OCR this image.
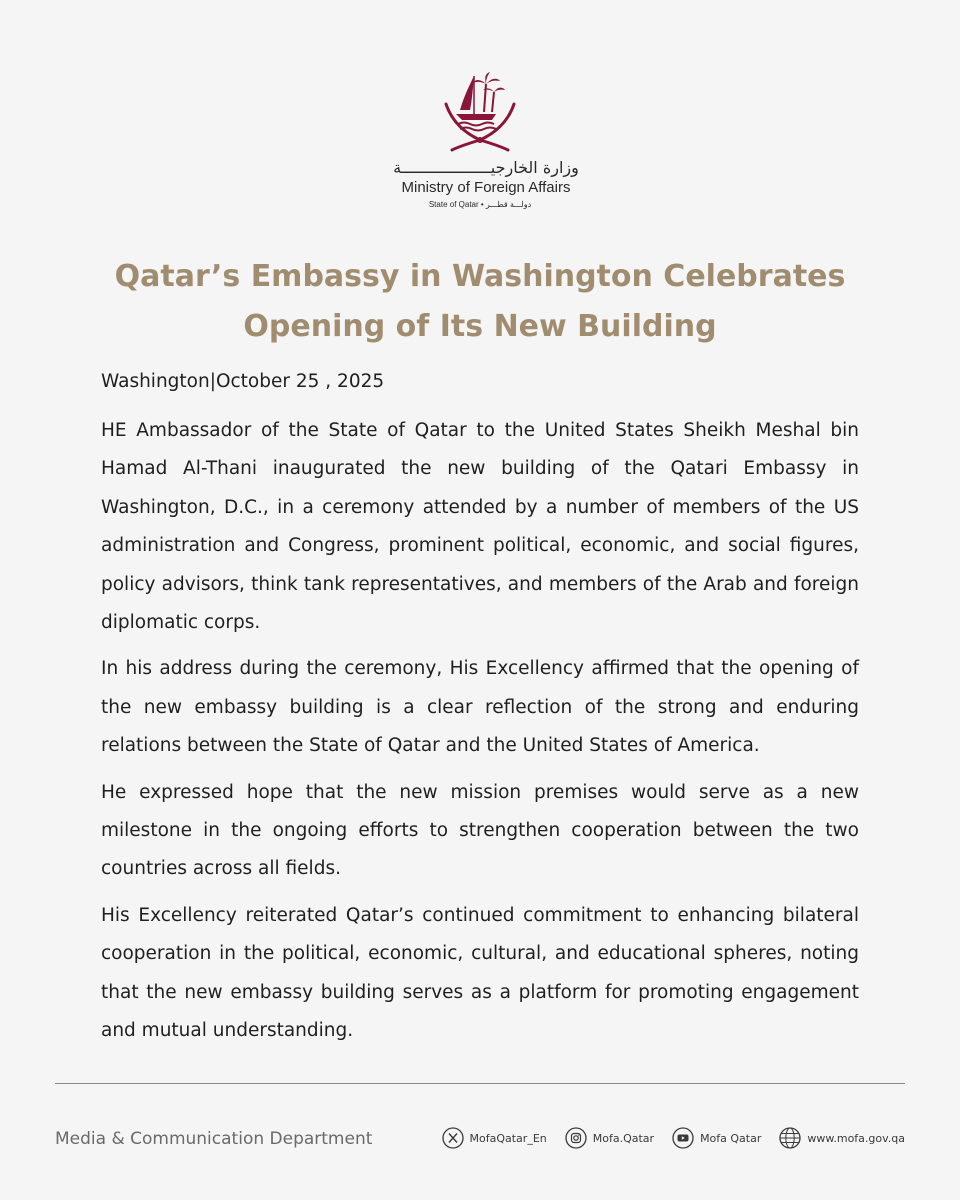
وزارة الخارجيـــــــــــــــــــة
Ministry of Foreign Affairs
State of Qatar • دولـــة قطـــر
Qatar’s Embassy in Washington Celebrates Opening of Its New Building

Washington|October 25 , 2025

HE Ambassador of the State of Qatar to the United States Sheikh Meshal bin Hamad Al-Thani inaugurated the new building of the Qatari Embassy in Washington, D.C., in a ceremony attended by a number of members of the US administration and Congress, prominent political, economic, and social figures, policy advisors, think tank representatives, and members of the Arab and foreign diplomatic corps.

In his address during the ceremony, His Excellency affirmed that the opening of the new embassy building is a clear reflection of the strong and enduring relations between the State of Qatar and the United States of America.

He expressed hope that the new mission premises would serve as a new milestone in the ongoing efforts to strengthen cooperation between the two countries across all fields.

His Excellency reiterated Qatar’s continued commitment to enhancing bilateral cooperation in the political, economic, cultural, and educational spheres, noting that the new embassy building serves as a platform for promoting engagement and mutual understanding.

Media & Communication Department	MofaQatar_En	Mofa.Qatar	Mofa Qatar	www.mofa.gov.qa
